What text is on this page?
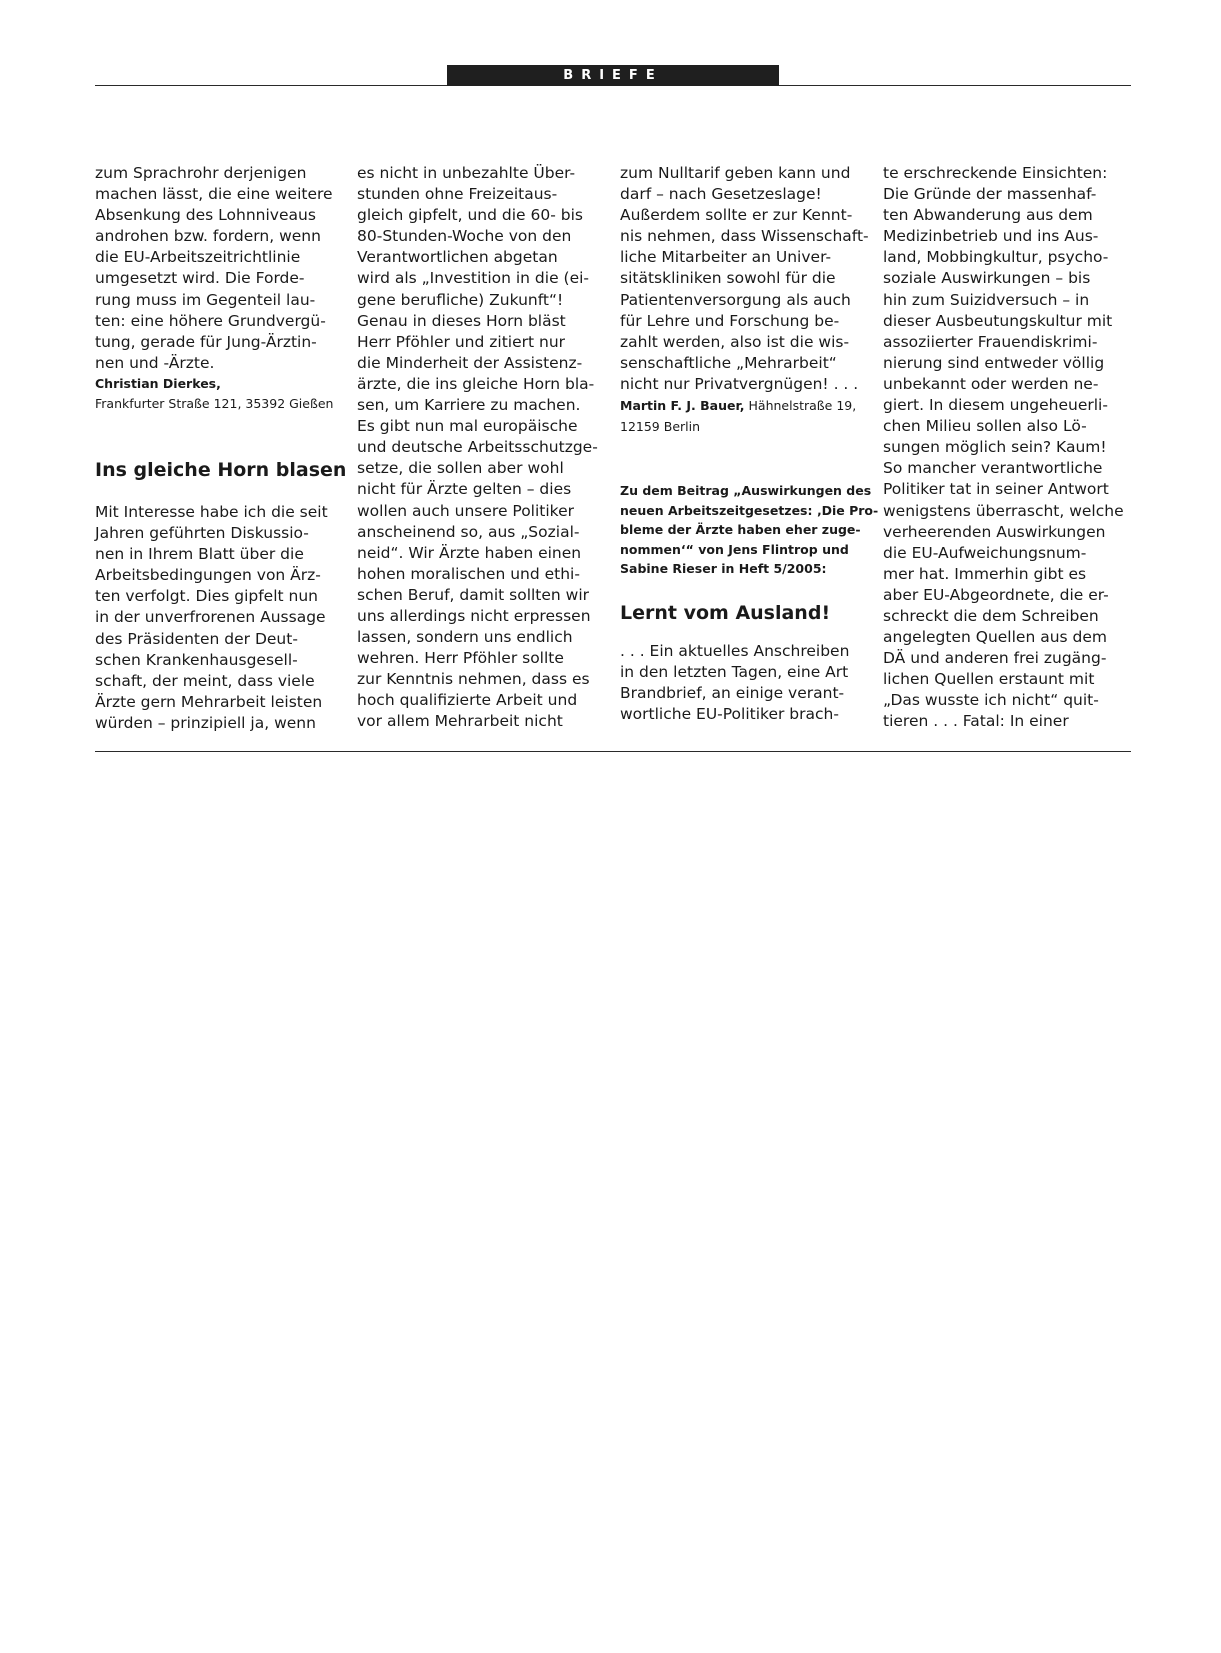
BRIEFE
zum Sprachrohr derjenigen
machen lässt, die eine weitere
Absenkung des Lohnniveaus
androhen bzw. fordern, wenn
die EU-Arbeitszeitrichtlinie
umgesetzt wird. Die Forde-
rung muss im Gegenteil lau-
ten: eine höhere Grundvergü-
tung, gerade für Jung-Ärztin-
nen und -Ärzte.
Christian Dierkes,
Frankfurter Straße 121, 35392 Gießen
Ins gleiche Horn blasen
Mit Interesse habe ich die seit
Jahren geführten Diskussio-
nen in Ihrem Blatt über die
Arbeitsbedingungen von Ärz-
ten verfolgt. Dies gipfelt nun
in der unverfrorenen Aussage
des Präsidenten der Deut-
schen Krankenhausgesell-
schaft, der meint, dass viele
Ärzte gern Mehrarbeit leisten
würden – prinzipiell ja, wenn
es nicht in unbezahlte Über-
stunden ohne Freizeitaus-
gleich gipfelt, und die 60- bis
80-Stunden-Woche von den
Verantwortlichen abgetan
wird als „Investition in die (ei-
gene berufliche) Zukunft“!
Genau in dieses Horn bläst
Herr Pföhler und zitiert nur
die Minderheit der Assistenz-
ärzte, die ins gleiche Horn bla-
sen, um Karriere zu machen.
Es gibt nun mal europäische
und deutsche Arbeitsschutzge-
setze, die sollen aber wohl
nicht für Ärzte gelten – dies
wollen auch unsere Politiker
anscheinend so, aus „Sozial-
neid“. Wir Ärzte haben einen
hohen moralischen und ethi-
schen Beruf, damit sollten wir
uns allerdings nicht erpressen
lassen, sondern uns endlich
wehren. Herr Pföhler sollte
zur Kenntnis nehmen, dass es
hoch qualifizierte Arbeit und
vor allem Mehrarbeit nicht
zum Nulltarif geben kann und
darf – nach Gesetzeslage!
Außerdem sollte er zur Kennt-
nis nehmen, dass Wissenschaft-
liche Mitarbeiter an Univer-
sitätskliniken sowohl für die
Patientenversorgung als auch
für Lehre und Forschung be-
zahlt werden, also ist die wis-
senschaftliche „Mehrarbeit“
nicht nur Privatvergnügen! . . .
Martin F. J. Bauer, Hähnelstraße 19,
12159 Berlin
Zu dem Beitrag „Auswirkungen des
neuen Arbeitszeitgesetzes: ‚Die Pro-
bleme der Ärzte haben eher zuge-
nommen‘“ von Jens Flintrop und
Sabine Rieser in Heft 5/2005:
Lernt vom Ausland!
. . . Ein aktuelles Anschreiben
in den letzten Tagen, eine Art
Brandbrief, an einige verant-
wortliche EU-Politiker brach-
te erschreckende Einsichten:
Die Gründe der massenhaf-
ten Abwanderung aus dem
Medizinbetrieb und ins Aus-
land, Mobbingkultur, psycho-
soziale Auswirkungen – bis
hin zum Suizidversuch – in
dieser Ausbeutungskultur mit
assoziierter Frauendiskrimi-
nierung sind entweder völlig
unbekannt oder werden ne-
giert. In diesem ungeheuerli-
chen Milieu sollen also Lö-
sungen möglich sein? Kaum!
So mancher verantwortliche
Politiker tat in seiner Antwort
wenigstens überrascht, welche
verheerenden Auswirkungen
die EU-Aufweichungsnum-
mer hat. Immerhin gibt es
aber EU-Abgeordnete, die er-
schreckt die dem Schreiben
angelegten Quellen aus dem
DÄ und anderen frei zugäng-
lichen Quellen erstaunt mit
„Das wusste ich nicht“ quit-
tieren . . . Fatal: In einer
